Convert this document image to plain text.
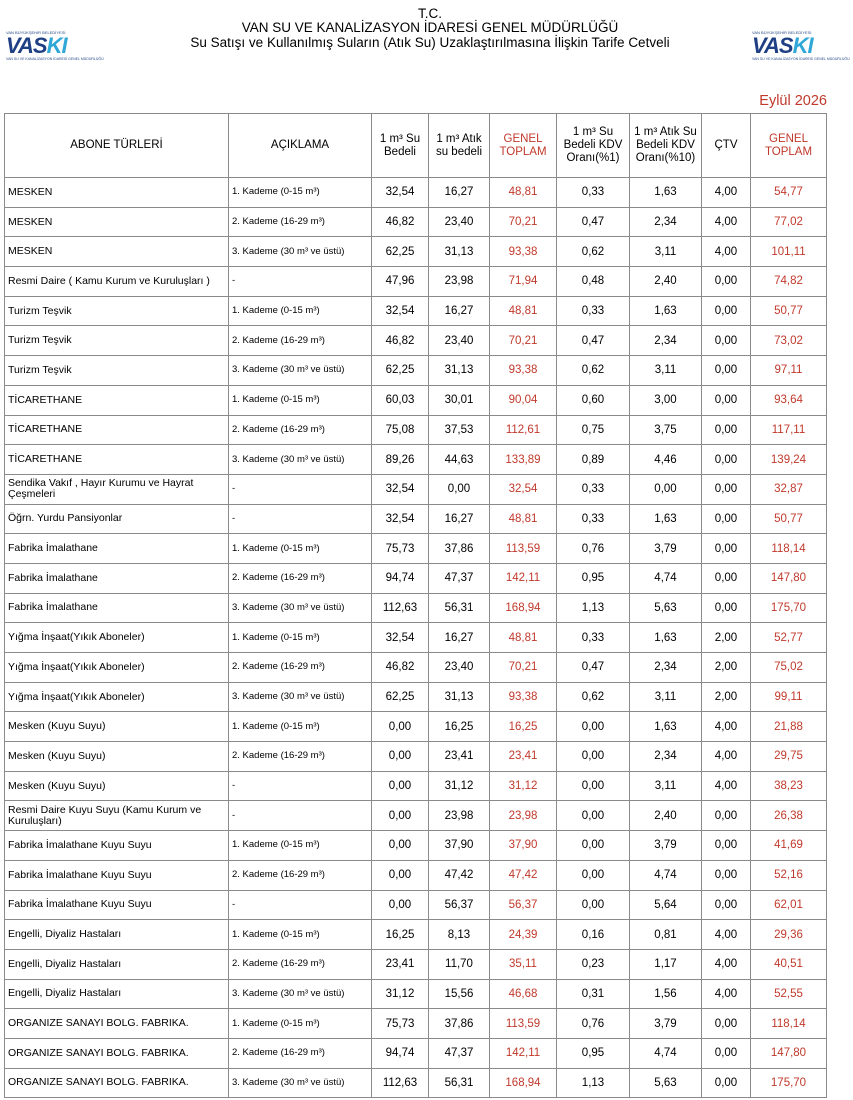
VAN BÜYÜKŞEHİR BELEDİYESİ
VASKI
VAN SU VE KANALİZASYON İDARESİ GENEL MÜDÜRLÜĞÜ
T.C.
VAN SU VE KANALİZASYON İDARESİ GENEL MÜDÜRLÜĞÜ
Su Satışı ve Kullanılmış Suların (Atık Su) Uzaklaştırılmasına İlişkin Tarife Cetveli
VAN BÜYÜKŞEHİR BELEDİYESİ
VASKI
VAN SU VE KANALİZASYON İDARESİ GENEL MÜDÜRLÜĞÜ
Eylül 2026
ABONE TÜRLERİ	AÇIKLAMA	1 m³ Su Bedeli	1 m³ Atık su bedeli	GENEL TOPLAM	1 m³ Su Bedeli KDV Oranı(%1)	1 m³ Atık Su Bedeli KDV Oranı(%10)	ÇTV	GENEL TOPLAM
MESKEN	1. Kademe (0-15 m³)	32,54	16,27	48,81	0,33	1,63	4,00	54,77
MESKEN	2. Kademe (16-29 m³)	46,82	23,40	70,21	0,47	2,34	4,00	77,02
MESKEN	3. Kademe (30 m³ ve üstü)	62,25	31,13	93,38	0,62	3,11	4,00	101,11
Resmi Daire ( Kamu Kurum ve Kuruluşları )	-	47,96	23,98	71,94	0,48	2,40	0,00	74,82
Turizm Teşvik	1. Kademe (0-15 m³)	32,54	16,27	48,81	0,33	1,63	0,00	50,77
Turizm Teşvik	2. Kademe (16-29 m³)	46,82	23,40	70,21	0,47	2,34	0,00	73,02
Turizm Teşvik	3. Kademe (30 m³ ve üstü)	62,25	31,13	93,38	0,62	3,11	0,00	97,11
TİCARETHANE	1. Kademe (0-15 m³)	60,03	30,01	90,04	0,60	3,00	0,00	93,64
TİCARETHANE	2. Kademe (16-29 m³)	75,08	37,53	112,61	0,75	3,75	0,00	117,11
TİCARETHANE	3. Kademe (30 m³ ve üstü)	89,26	44,63	133,89	0,89	4,46	0,00	139,24
Sendika Vakıf , Hayır Kurumu ve Hayrat Çeşmeleri	-	32,54	0,00	32,54	0,33	0,00	0,00	32,87
Öğrn. Yurdu Pansiyonlar	-	32,54	16,27	48,81	0,33	1,63	0,00	50,77
Fabrika İmalathane	1. Kademe (0-15 m³)	75,73	37,86	113,59	0,76	3,79	0,00	118,14
Fabrika İmalathane	2. Kademe (16-29 m³)	94,74	47,37	142,11	0,95	4,74	0,00	147,80
Fabrika İmalathane	3. Kademe (30 m³ ve üstü)	112,63	56,31	168,94	1,13	5,63	0,00	175,70
Yığma İnşaat(Yıkık Aboneler)	1. Kademe (0-15 m³)	32,54	16,27	48,81	0,33	1,63	2,00	52,77
Yığma İnşaat(Yıkık Aboneler)	2. Kademe (16-29 m³)	46,82	23,40	70,21	0,47	2,34	2,00	75,02
Yığma İnşaat(Yıkık Aboneler)	3. Kademe (30 m³ ve üstü)	62,25	31,13	93,38	0,62	3,11	2,00	99,11
Mesken (Kuyu Suyu)	1. Kademe (0-15 m³)	0,00	16,25	16,25	0,00	1,63	4,00	21,88
Mesken (Kuyu Suyu)	2. Kademe (16-29 m³)	0,00	23,41	23,41	0,00	2,34	4,00	29,75
Mesken (Kuyu Suyu)	-	0,00	31,12	31,12	0,00	3,11	4,00	38,23
Resmi Daire Kuyu Suyu (Kamu Kurum ve Kuruluşları)	-	0,00	23,98	23,98	0,00	2,40	0,00	26,38
Fabrika İmalathane Kuyu Suyu	1. Kademe (0-15 m³)	0,00	37,90	37,90	0,00	3,79	0,00	41,69
Fabrika İmalathane Kuyu Suyu	2. Kademe (16-29 m³)	0,00	47,42	47,42	0,00	4,74	0,00	52,16
Fabrika İmalathane Kuyu Suyu	-	0,00	56,37	56,37	0,00	5,64	0,00	62,01
Engelli, Diyaliz Hastaları	1. Kademe (0-15 m³)	16,25	8,13	24,39	0,16	0,81	4,00	29,36
Engelli, Diyaliz Hastaları	2. Kademe (16-29 m³)	23,41	11,70	35,11	0,23	1,17	4,00	40,51
Engelli, Diyaliz Hastaları	3. Kademe (30 m³ ve üstü)	31,12	15,56	46,68	0,31	1,56	4,00	52,55
ORGANIZE SANAYI BOLG. FABRIKA.	1. Kademe (0-15 m³)	75,73	37,86	113,59	0,76	3,79	0,00	118,14
ORGANIZE SANAYI BOLG. FABRIKA.	2. Kademe (16-29 m³)	94,74	47,37	142,11	0,95	4,74	0,00	147,80
ORGANIZE SANAYI BOLG. FABRIKA.	3. Kademe (30 m³ ve üstü)	112,63	56,31	168,94	1,13	5,63	0,00	175,70
